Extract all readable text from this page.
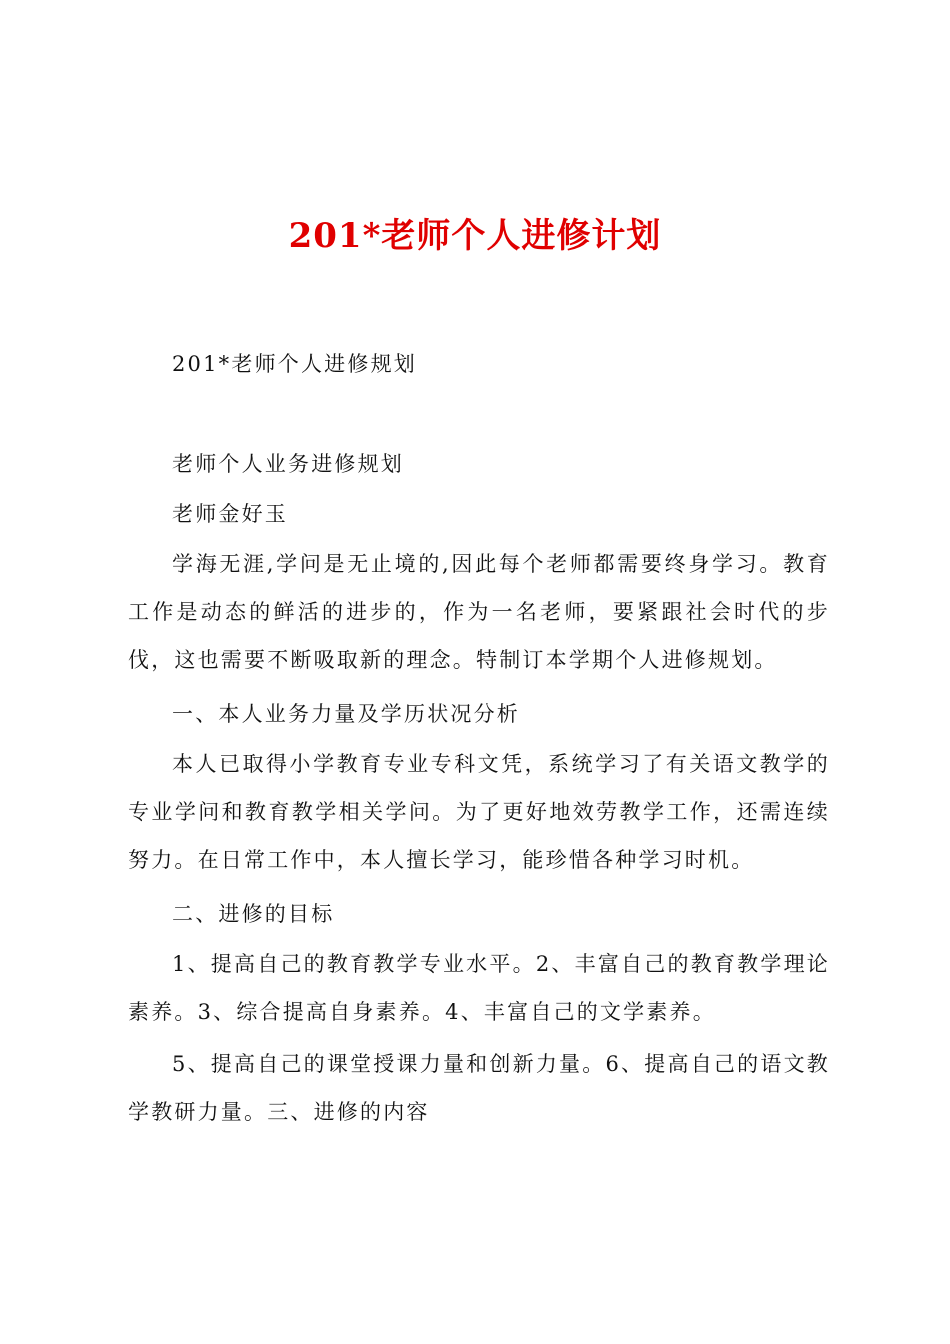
201*老师个人进修计划

201*老师个人进修规划

老师个人业务进修规划

老师金好玉

学海无涯,学问是无止境的,因此每个老师都需要终身学习。教育工作是动态的鲜活的进步的，作为一名老师，要紧跟社会时代的步伐，这也需要不断吸取新的理念。特制订本学期个人进修规划。

一、本人业务力量及学历状况分析

本人已取得小学教育专业专科文凭，系统学习了有关语文教学的专业学问和教育教学相关学问。为了更好地效劳教学工作，还需连续努力。在日常工作中，本人擅长学习，能珍惜各种学习时机。

二、进修的目标

1、提高自己的教育教学专业水平。2、丰富自己的教育教学理论素养。3、综合提高自身素养。4、丰富自己的文学素养。

5、提高自己的课堂授课力量和创新力量。6、提高自己的语文教学教研力量。三、进修的内容
